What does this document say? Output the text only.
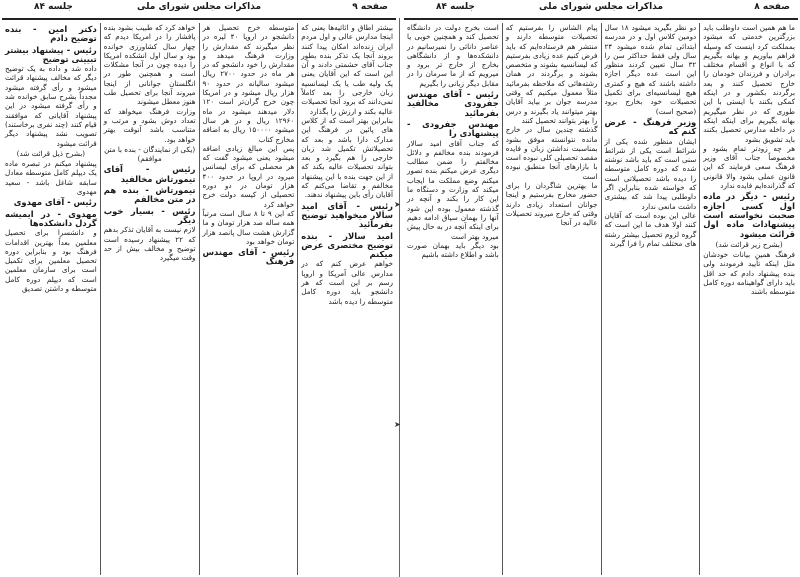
صفحه ۹
مذاکرات مجلس شورای ملی
جلسه ۸۴

بیشتر اطاق و اثاثیه‌ها یعنی که اینجا مدارس عالی و اول مردم ایران زنده‌اند امکان پیدا کنند بروند آنجا یک تذکر بنده بطور جناب آقای حشمتی دادند و آن این است که این آقایان یعنی یک ولیه طب یا یک لیسانسیه زبان خارجی را بعد کاملاً نمی‌دانند که برود آنجا تحصیلات عالیه بکند و ارزش را بگذارد

بنابراین بهتر است که از کلاس های پائین در فرهنگ این مدارک دارا باشد و بعد که تحصیلاتش تکمیل شد زبان خارجی را هم بگیرد و بعد بتواند تحصیلات عالیه بکند که از این جهت بنده با این پیشنهاد مخالفم و تقاضا می‌کنم که آقایان رأی باین پیشنهاد ندهند.

رئیس - آقای امید سالار میخواهید توضیح بفرمائید

امید سالار - بنده توضیح مختصری عرض میکنم

خواهم عرض کنم که در مدارس عالی آمریکا و اروپا رسم بر این است که هر دانشجو باید دوره کامل متوسطه را دیده باشد

متوسطه خرج تحصیل هر دانشجو در اروپا ۴۰ لیره در نظر میگیرند که مقدارش را وزارت فرهنگ میدهد و مقدارش را خود دانشجو که در هر ماه در حدود ۲۷۰۰ ریال میشود سالیانه در حدود ۹۰ هزار ریال میشود و در امریکا چون خرج گران‌تر است ۱۲۰ دلار میدهند میشود در ماه ۱۲۹۶۰ ریال و در هر سال میشود ۱۵۰۰۰۰ ریال به اضافه مخارج کتاب

پس این مبالغ زیادی اضافه میشود یعنی میشود گفت که هر محصلی که برای لیسانس میرود در اروپا در حدود ۴۰۰ هزار تومان در دو دوره تحصیلی از کیسه دولت خرج خواهد کرد

که این ۹ تا ۸ سال است مرتباً همه ساله صد هزار تومان و ما گزارش هشت سال پانصد هزار تومان خواهد بود

رئیس - آقای مهندس فرهنگ

خواهد کرد که طبیب بشود بنده پافشار را در امریکا دیدم که چهار سال کشاورزی خوانده بود و سال اول انشکده امریکا را دیده چون در آنجا مشکلات است و همچنین طور در انگلستان جوانانی از اینجا میروند آنجا برای تحصیل طب هنوز معطل میشوند

وزارت فرهنگ میخواهد که تعداد دوش بشود و مرتب و متناسب باشد آنوقت بهتر خواهد بود.

(یکی از نمایندگان - بنده با متن موافقم)

رئیس - آقای تیمورتاش مخالفید

تیمورتاش - بنده هم در متن مخالفم

رئیس - بسیار خوب دیگر

لازم نیست به آقایان تذکر بدهم که ۲۲ پیشنهاد رسیده است توضیح و مخالف بیش از حد وقت میگیرد

دکتر امین - بنده توضیح دادم

رئیس - پیشنهاد بیشتر تبیینی توضیح

داده شد و داده به یک توضیح دیگر که مخالف پیشنهاد قرائت میشود و رأی گرفته میشود مجدداً بشرح سابق خوانده شد و رأی گرفته میشود در این پیشنهاد آقایانی که موافقند قیام کنند (چند نفری برخاستند) تصویب نشد پیشنهاد دیگر قرائت میشود

(بشرح ذیل قرائت شد)

پیشنهاد میکنم در تبصره ماده یک دیپلم کامل متوسطه معادل سابقه شاغل باشد - سعید مهدوی

رئیس - آقای مهدوی

مهدوی - در ایمیشه گردل دانشکده‌ها

و دانشسرا برای تحصیل معلمین بعداً بهترین اقدامات فرهنگ بود و بنابراین دوره تحصیل معلمین برای تکمیل است برای سازمان معلمین است که دیپلم دوره کامل متوسطه و داشتن تصدیق

➤
➤
صفحه ۸
مذاکرات مجلس شورای ملی
جلسه ۸۴

ما هم همین است داوطلب باید بزرگترین خدمتی که میشود بمملکت کرد اینست که وسیله فراهم بیاوریم و بهانه بگیریم که با انواع و اقسام مختلف برادران و فرزندان خودمان را خارج تحصیل کنند و بعد برگردند بکشور و در اینکه کمکی بکنند با ایستی با این طوری که در نظر میگیریم بهانه بگیریم برای اینکه اینکه در داخله مدارس تحصیل بکنند باید تشویق بشود

هر چه زودتر تمام بشود و مخصوصاً جناب آقای وزیر فرهنگ سعی فرمایند که این قانون عملی بشود والا قانونی که گذرانده‌ایم فایده ندارد

رئیس - دیگر در ماده اول کسی اجازه صحبت نخواسته است پیشنهادات ماده اول قرائت میشود

(بشرح زیر قرائت شد)

فرهنگ همین بیانات خودشان مثل اینکه تأیید فرمودند ولی بنده پیشنهاد دادم که حد اقل باید دارای گواهینامه دوره کامل متوسطه باشند

دو نظر بگیرید میشود ۱۸ سال دومین کلاس اول و در مدرسه ابتدائی تمام شده میشود ۲۴ سال ولی فقط حداکثر سن را ۳۲ سال تعیین کردند منظور این است عده دیگر اجازه داشته باشند که هیچ و کمتری هیچ لیسانسیه‌ای برای تکمیل تحصیلات خود بخارج برود (صحیح است)

وزیر فرهنگ - عرض کنم که

ایشان منظور شده یکی از شرائط است یکی از شرائط سنی است که باید باشد نوشته شده که دوره کامل متوسطه را دیده باشد تحصیلاتی است که خواسته شده بنابراین اگر داوطلبی پیدا شد که بیشتری داشت مانعی ندارد

عالی این بوده است که آقایان کنند اولا هدف ما این است که گروه لزوم تحصیل بیشتر رشته های مختلف تمام را فرا گیرند

پیام الشاس را بفرستیم که تحصیلات متوسطه دارند و منتشر هم فرستاده‌ایم که باید فرض کنیم عده زیادی بفرستیم که لیسانسیه بشوند و متخصص بشوند و برگردند در همان رشته‌هائی که ملاحظه بفرمائید مثلاً معمول میکنیم که وقتی مدرسه جوان بر بیاید آقایان بهتر میتوانند یاد بگیرند و درس را بهتر بتوانند تحصیل کنند

گذشته چندین سال در خارج مانده نتوانسته موفق بشود بمناسبت نداشتن زبان و فایده مقصد تحصیلی کلی نبوده است با بازارهای آنجا منطبق نبوده است

ما بهترین شاگردان را برای حضور مخارج بفرستیم و اینجا جوانان استعداد زیادی دارند وقتی که خارج میروند تحصیلات عالیه در آنجا

است بخرج دولت در دانشگاه تحصیل کند و همچنین خوبی یا عناصر دانائی را نمیرسانیم در دانشکده‌ها و از دانشگاهی بخارج از خارج تر برود و میرویم که از ما سرمان را در مقابل دیگر زبانی را بگیریم

رئیس - آقای مهندس جفرودی مخالفید بفرمائید

مهندس جفرودی - پیشنهادی را

که جناب آقای امید سالار فرمودند بنده مخالفم و دلائل مخالفتم را ضمن مطالب دیگری عرض میکنم بنده تصور میکنم وضع مملکت ما ایجاب میکند که وزارت و دستگاه ما این کار را بکند و آنچه در گذشته معمول بوده این شود آنها را بهمان سیاق ادامه دهیم برای اینکه آنچه در به حال پیش میرود بهتر است

بود دیگر باید بهمان صورت باشد و اطلاع داشته باشیم
